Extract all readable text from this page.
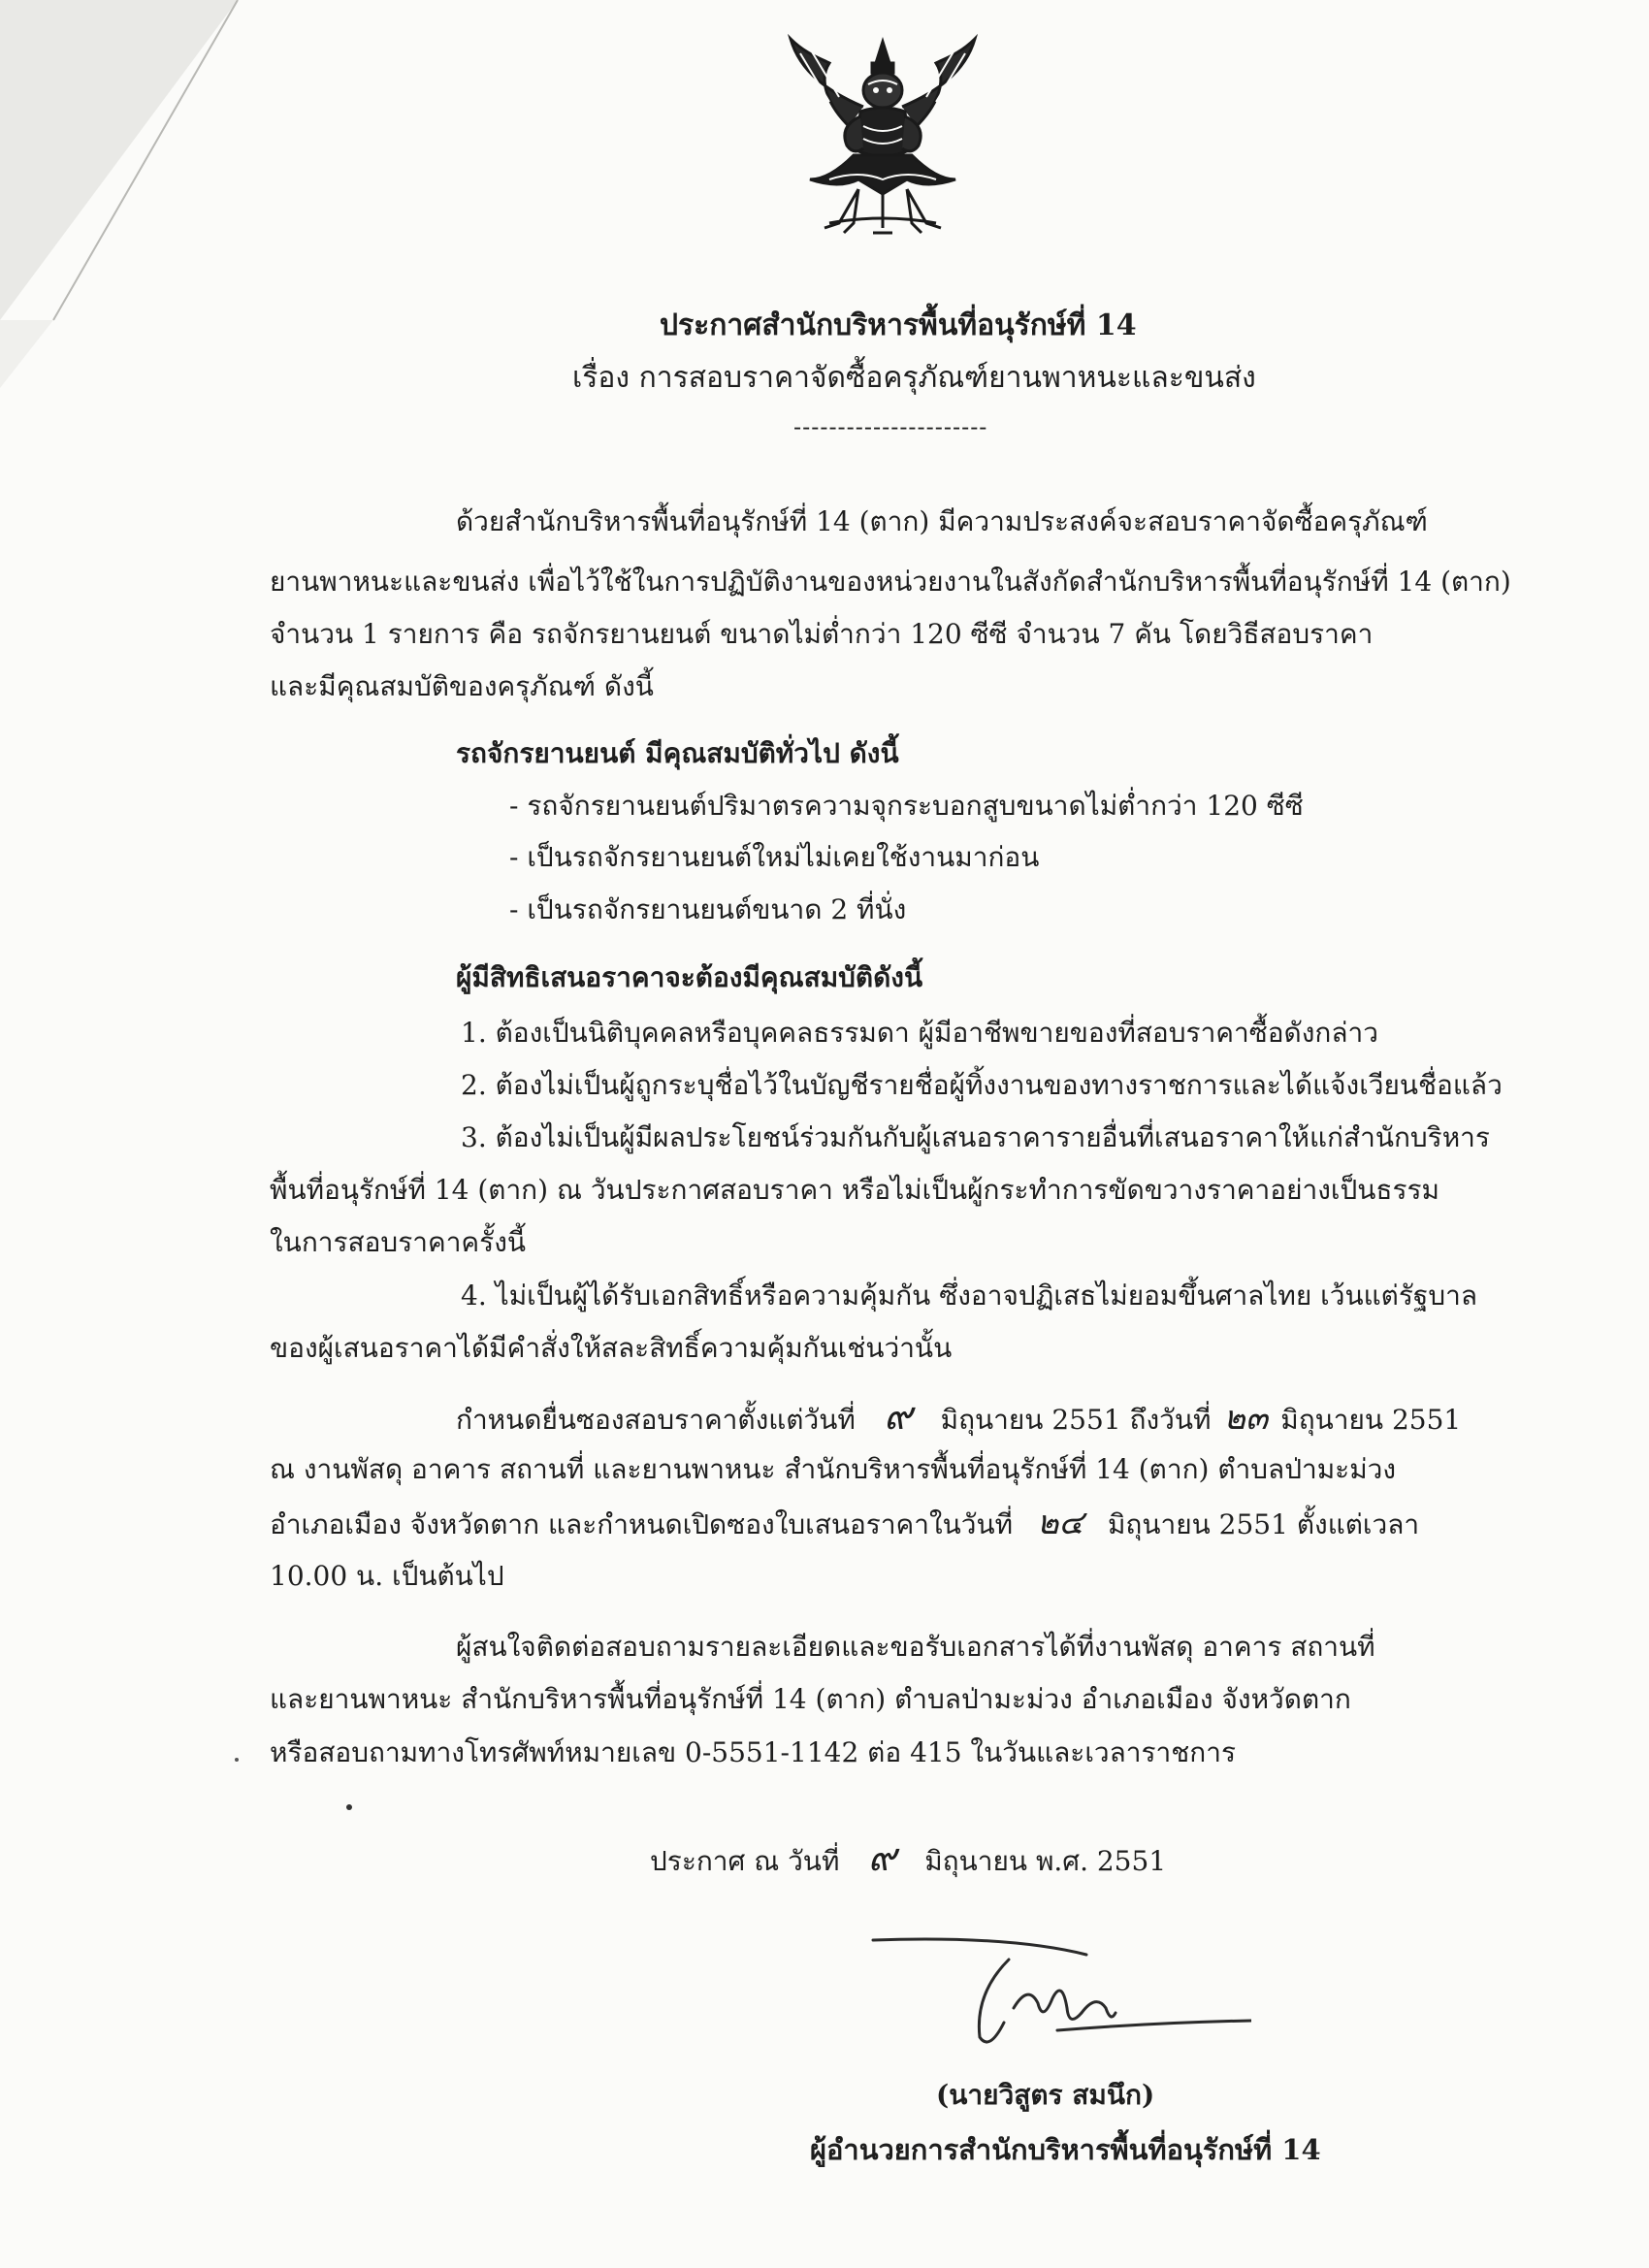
ประกาศสำนักบริหารพื้นที่อนุรักษ์ที่ 14
เรื่อง การสอบราคาจัดซื้อครุภัณฑ์ยานพาหนะและขนส่ง
----------------------
ด้วยสำนักบริหารพื้นที่อนุรักษ์ที่ 14 (ตาก) มีความประสงค์จะสอบราคาจัดซื้อครุภัณฑ์
ยานพาหนะและขนส่ง เพื่อไว้ใช้ในการปฏิบัติงานของหน่วยงานในสังกัดสำนักบริหารพื้นที่อนุรักษ์ที่ 14 (ตาก)
จำนวน 1 รายการ คือ รถจักรยานยนต์ ขนาดไม่ต่ำกว่า 120 ซีซี จำนวน 7 คัน โดยวิธีสอบราคา
และมีคุณสมบัติของครุภัณฑ์ ดังนี้
รถจักรยานยนต์ มีคุณสมบัติทั่วไป ดังนี้
- รถจักรยานยนต์ปริมาตรความจุกระบอกสูบขนาดไม่ต่ำกว่า 120 ซีซี
- เป็นรถจักรยานยนต์ใหม่ไม่เคยใช้งานมาก่อน
- เป็นรถจักรยานยนต์ขนาด 2 ที่นั่ง
ผู้มีสิทธิเสนอราคาจะต้องมีคุณสมบัติดังนี้
1. ต้องเป็นนิติบุคคลหรือบุคคลธรรมดา ผู้มีอาชีพขายของที่สอบราคาซื้อดังกล่าว
2. ต้องไม่เป็นผู้ถูกระบุชื่อไว้ในบัญชีรายชื่อผู้ทิ้งงานของทางราชการและได้แจ้งเวียนชื่อแล้ว
3. ต้องไม่เป็นผู้มีผลประโยชน์ร่วมกันกับผู้เสนอราคารายอื่นที่เสนอราคาให้แก่สำนักบริหาร
พื้นที่อนุรักษ์ที่ 14 (ตาก) ณ วันประกาศสอบราคา หรือไม่เป็นผู้กระทำการขัดขวางราคาอย่างเป็นธรรม
ในการสอบราคาครั้งนี้
4. ไม่เป็นผู้ได้รับเอกสิทธิ์หรือความคุ้มกัน ซึ่งอาจปฏิเสธไม่ยอมขึ้นศาลไทย เว้นแต่รัฐบาล
ของผู้เสนอราคาได้มีคำสั่งให้สละสิทธิ์ความคุ้มกันเช่นว่านั้น
กำหนดยื่นซองสอบราคาตั้งแต่วันที่ ๙ มิถุนายน 2551 ถึงวันที่ ๒๓ มิถุนายน 2551
ณ งานพัสดุ อาคาร สถานที่ และยานพาหนะ สำนักบริหารพื้นที่อนุรักษ์ที่ 14 (ตาก) ตำบลป่ามะม่วง
อำเภอเมือง จังหวัดตาก และกำหนดเปิดซองใบเสนอราคาในวันที่ ๒๔ มิถุนายน 2551 ตั้งแต่เวลา
10.00 น. เป็นต้นไป
ผู้สนใจติดต่อสอบถามรายละเอียดและขอรับเอกสารได้ที่งานพัสดุ อาคาร สถานที่
และยานพาหนะ สำนักบริหารพื้นที่อนุรักษ์ที่ 14 (ตาก) ตำบลป่ามะม่วง อำเภอเมือง จังหวัดตาก
หรือสอบถามทางโทรศัพท์หมายเลข 0-5551-1142 ต่อ 415 ในวันและเวลาราชการ
ประกาศ ณ วันที่ ๙ มิถุนายน พ.ศ. 2551
(นายวิสูตร สมนึก)
ผู้อำนวยการสำนักบริหารพื้นที่อนุรักษ์ที่ 14
